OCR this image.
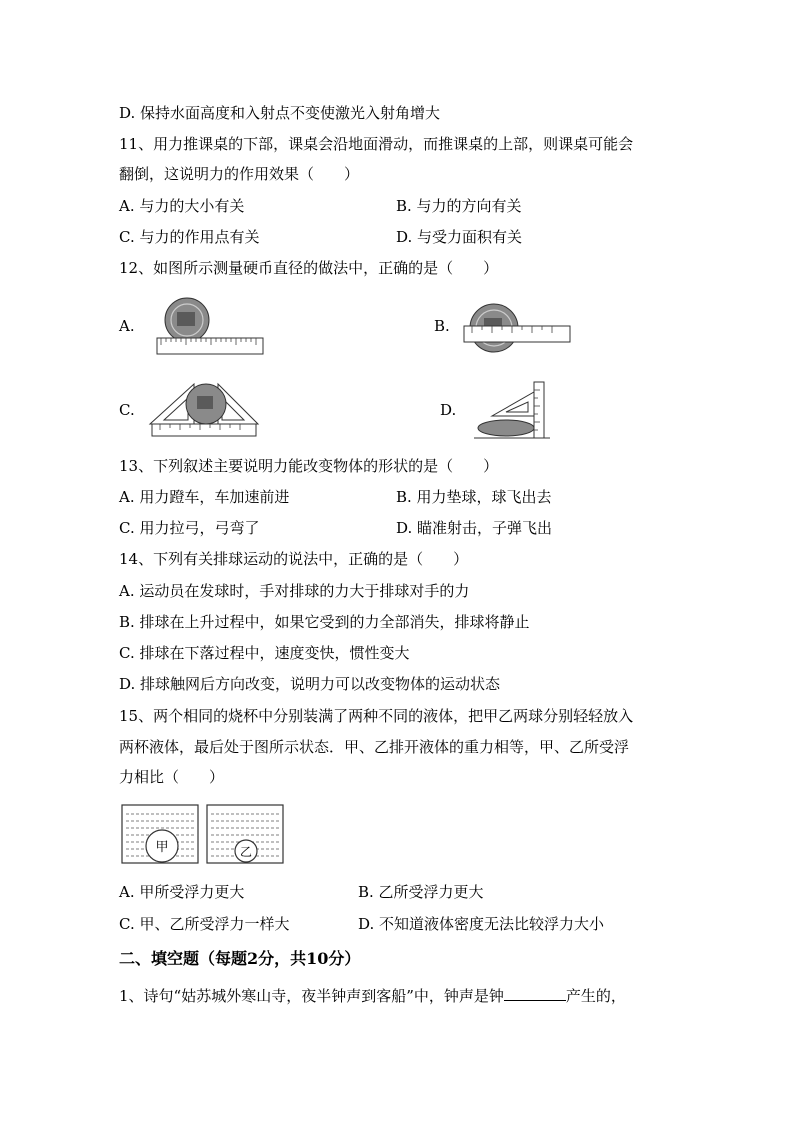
D. 保持水面高度和入射点不变使激光入射角增大
11、用力推课桌的下部，课桌会沿地面滑动，而推课桌的上部，则课桌可能会
翻倒，这说明力的作用效果（　　）
A. 与力的大小有关	B. 与力的方向有关
C. 与力的作用点有关	D. 与受力面积有关
12、如图所示测量硬币直径的做法中，正确的是（　　）
A.	B.
C.	D.
13、下列叙述主要说明力能改变物体的形状的是（　　）
A. 用力蹬车，车加速前进	B. 用力垫球，球飞出去
C. 用力拉弓，弓弯了	D. 瞄准射击，子弹飞出
14、下列有关排球运动的说法中，正确的是（　　）
A. 运动员在发球时，手对排球的力大于排球对手的力
B. 排球在上升过程中，如果它受到的力全部消失，排球将静止
C. 排球在下落过程中，速度变快，惯性变大
D. 排球触网后方向改变，说明力可以改变物体的运动状态
15、两个相同的烧杯中分别装满了两种不同的液体，把甲乙两球分别轻轻放入
两杯液体，最后处于图所示状态．甲、乙排开液体的重力相等，甲、乙所受浮
力相比（　　）
甲	乙
A. 甲所受浮力更大	B. 乙所受浮力更大
C. 甲、乙所受浮力一样大	D. 不知道液体密度无法比较浮力大小
二、填空题（每题2分，共10分）
1、诗句“姑苏城外寒山寺，夜半钟声到客船”中，钟声是钟	产生的，
